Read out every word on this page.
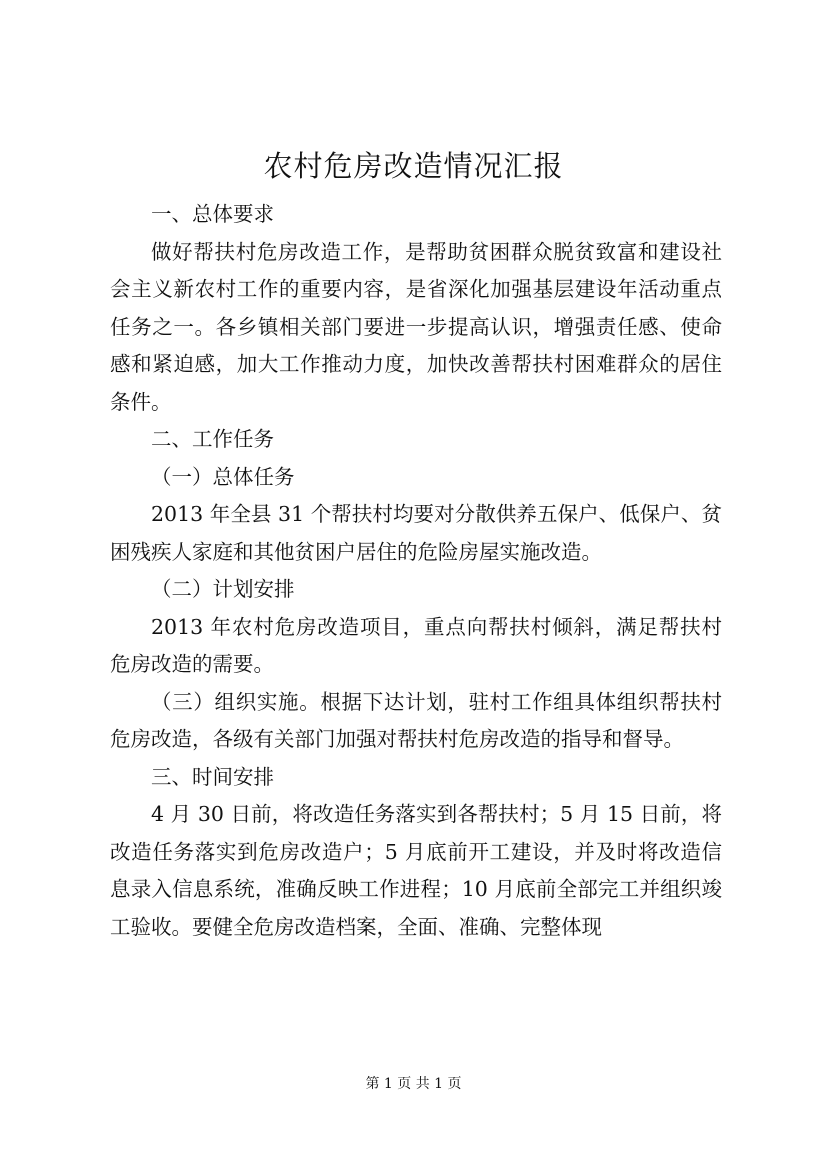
农村危房改造情况汇报

一、总体要求

做好帮扶村危房改造工作，是帮助贫困群众脱贫致富和建设社会主义新农村工作的重要内容，是省深化加强基层建设年活动重点任务之一。各乡镇相关部门要进一步提高认识，增强责任感、使命感和紧迫感，加大工作推动力度，加快改善帮扶村困难群众的居住条件。

二、工作任务

（一）总体任务

2013 年全县 31 个帮扶村均要对分散供养五保户、低保户、贫困残疾人家庭和其他贫困户居住的危险房屋实施改造。

（二）计划安排

2013 年农村危房改造项目，重点向帮扶村倾斜，满足帮扶村危房改造的需要。

（三）组织实施。根据下达计划，驻村工作组具体组织帮扶村危房改造，各级有关部门加强对帮扶村危房改造的指导和督导。

三、时间安排

4 月 30 日前，将改造任务落实到各帮扶村；5 月 15 日前，将改造任务落实到危房改造户；5 月底前开工建设，并及时将改造信息录入信息系统，准确反映工作进程；10 月底前全部完工并组织竣工验收。要健全危房改造档案，全面、准确、完整体现

第 1 页 共 1 页
